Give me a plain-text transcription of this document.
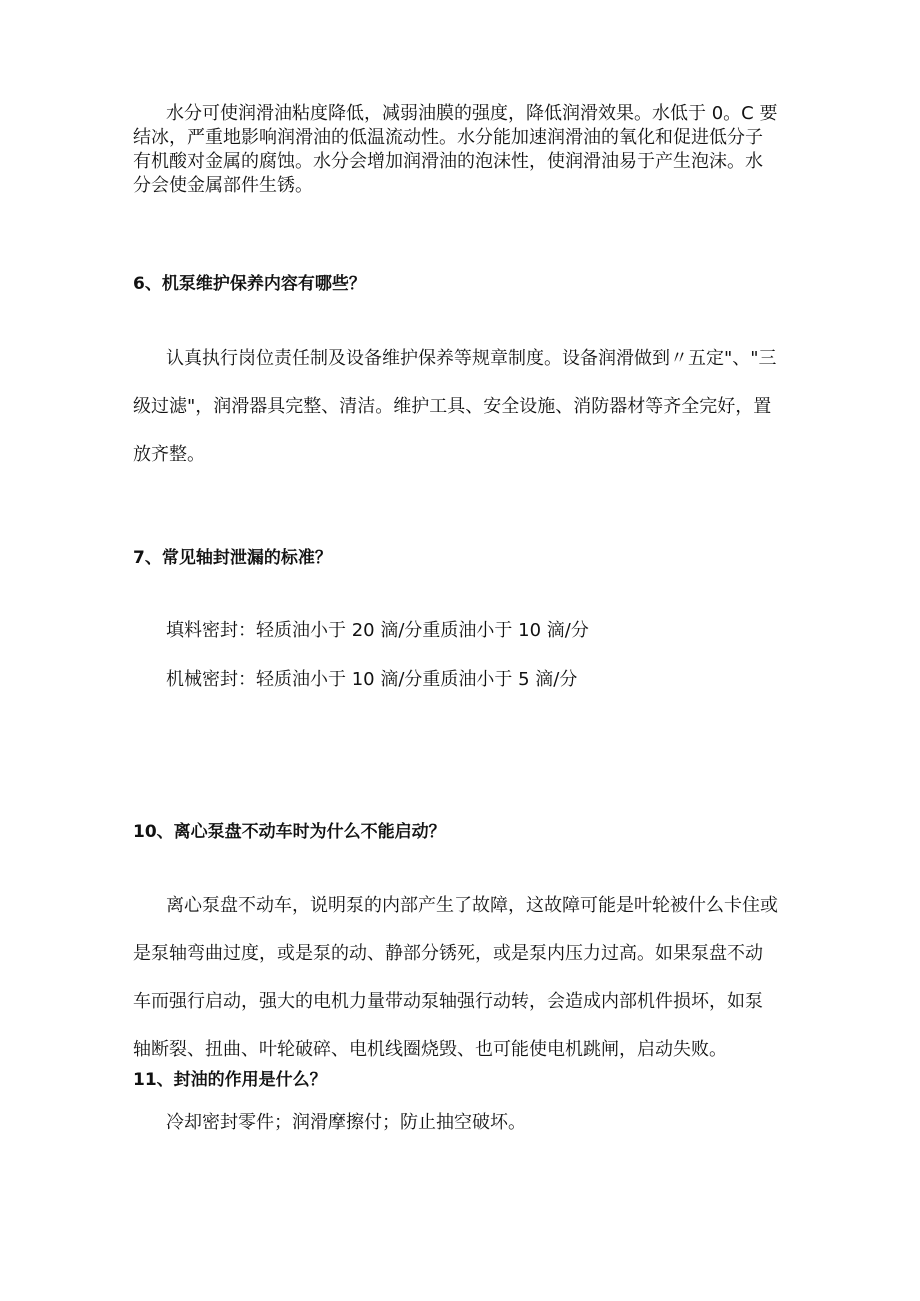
水分可使润滑油粘度降低，减弱油膜的强度，降低润滑效果。水低于 0。C 要
结冰，严重地影响润滑油的低温流动性。水分能加速润滑油的氧化和促进低分子
有机酸对金属的腐蚀。水分会增加润滑油的泡沫性，使润滑油易于产生泡沫。水
分会使金属部件生锈。
6、机泵维护保养内容有哪些？
认真执行岗位责任制及设备维护保养等规章制度。设备润滑做到〃五定"、"三
级过滤"，润滑器具完整、清洁。维护工具、安全设施、消防器材等齐全完好，置
放齐整。
7、常见轴封泄漏的标准？

填料密封：轻质油小于 20 滴/分重质油小于 10 滴/分

机械密封：轻质油小于 10 滴/分重质油小于 5 滴/分

10、离心泵盘不动车时为什么不能启动？
离心泵盘不动车，说明泵的内部产生了故障，这故障可能是叶轮被什么卡住或
是泵轴弯曲过度，或是泵的动、静部分锈死，或是泵内压力过高。如果泵盘不动
车而强行启动，强大的电机力量带动泵轴强行动转，会造成内部机件损坏，如泵
轴断裂、扭曲、叶轮破碎、电机线圈烧毁、也可能使电机跳闸，启动失败。
11、封油的作用是什么？

冷却密封零件；润滑摩擦付；防止抽空破坏。
